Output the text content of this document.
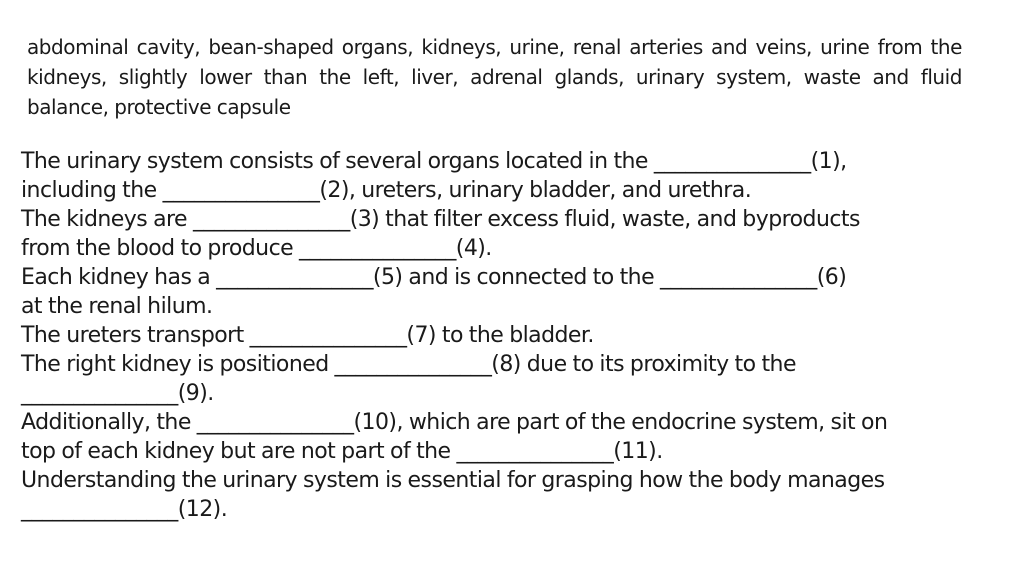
abdominal cavity, bean-shaped organs, kidneys, urine, renal arteries and veins, urine from the kidneys, slightly lower than the left, liver, adrenal glands, urinary system, waste and fluid balance, protective capsule
The urinary system consists of several organs located in the _______________(1),
including the _______________(2), ureters, urinary bladder, and urethra.
The kidneys are _______________(3) that filter excess fluid, waste, and byproducts
from the blood to produce _______________(4).
Each kidney has a _______________(5) and is connected to the _______________(6)
at the renal hilum.
The ureters transport _______________(7) to the bladder.
The right kidney is positioned _______________(8) due to its proximity to the
_______________(9).
Additionally, the _______________(10), which are part of the endocrine system, sit on
top of each kidney but are not part of the _______________(11).
Understanding the urinary system is essential for grasping how the body manages
_______________(12).
